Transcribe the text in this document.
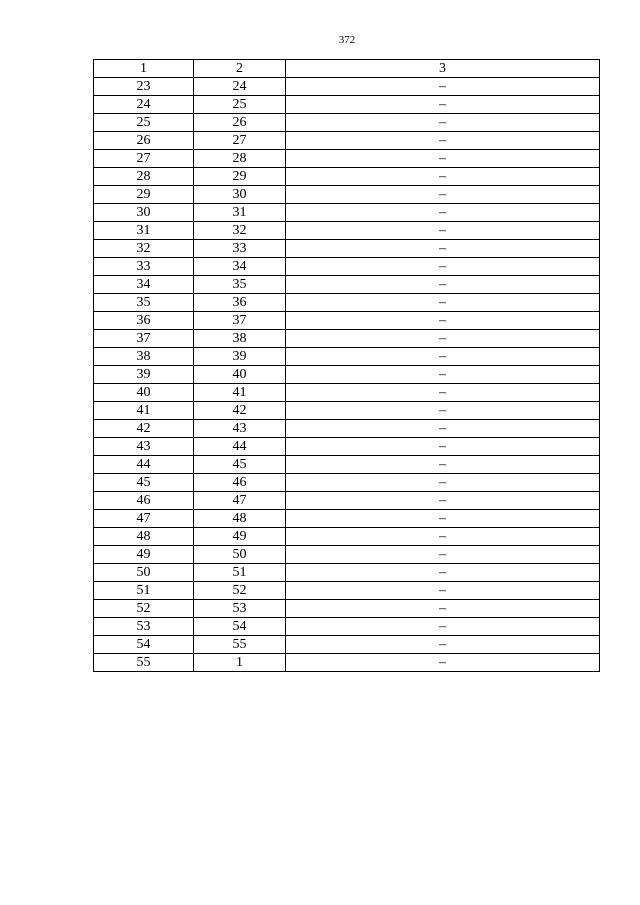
372
1	2	3
23	24	–
24	25	–
25	26	–
26	27	–
27	28	–
28	29	–
29	30	–
30	31	–
31	32	–
32	33	–
33	34	–
34	35	–
35	36	–
36	37	–
37	38	–
38	39	–
39	40	–
40	41	–
41	42	–
42	43	–
43	44	–
44	45	–
45	46	–
46	47	–
47	48	–
48	49	–
49	50	–
50	51	–
51	52	–
52	53	–
53	54	–
54	55	–
55	1	–
